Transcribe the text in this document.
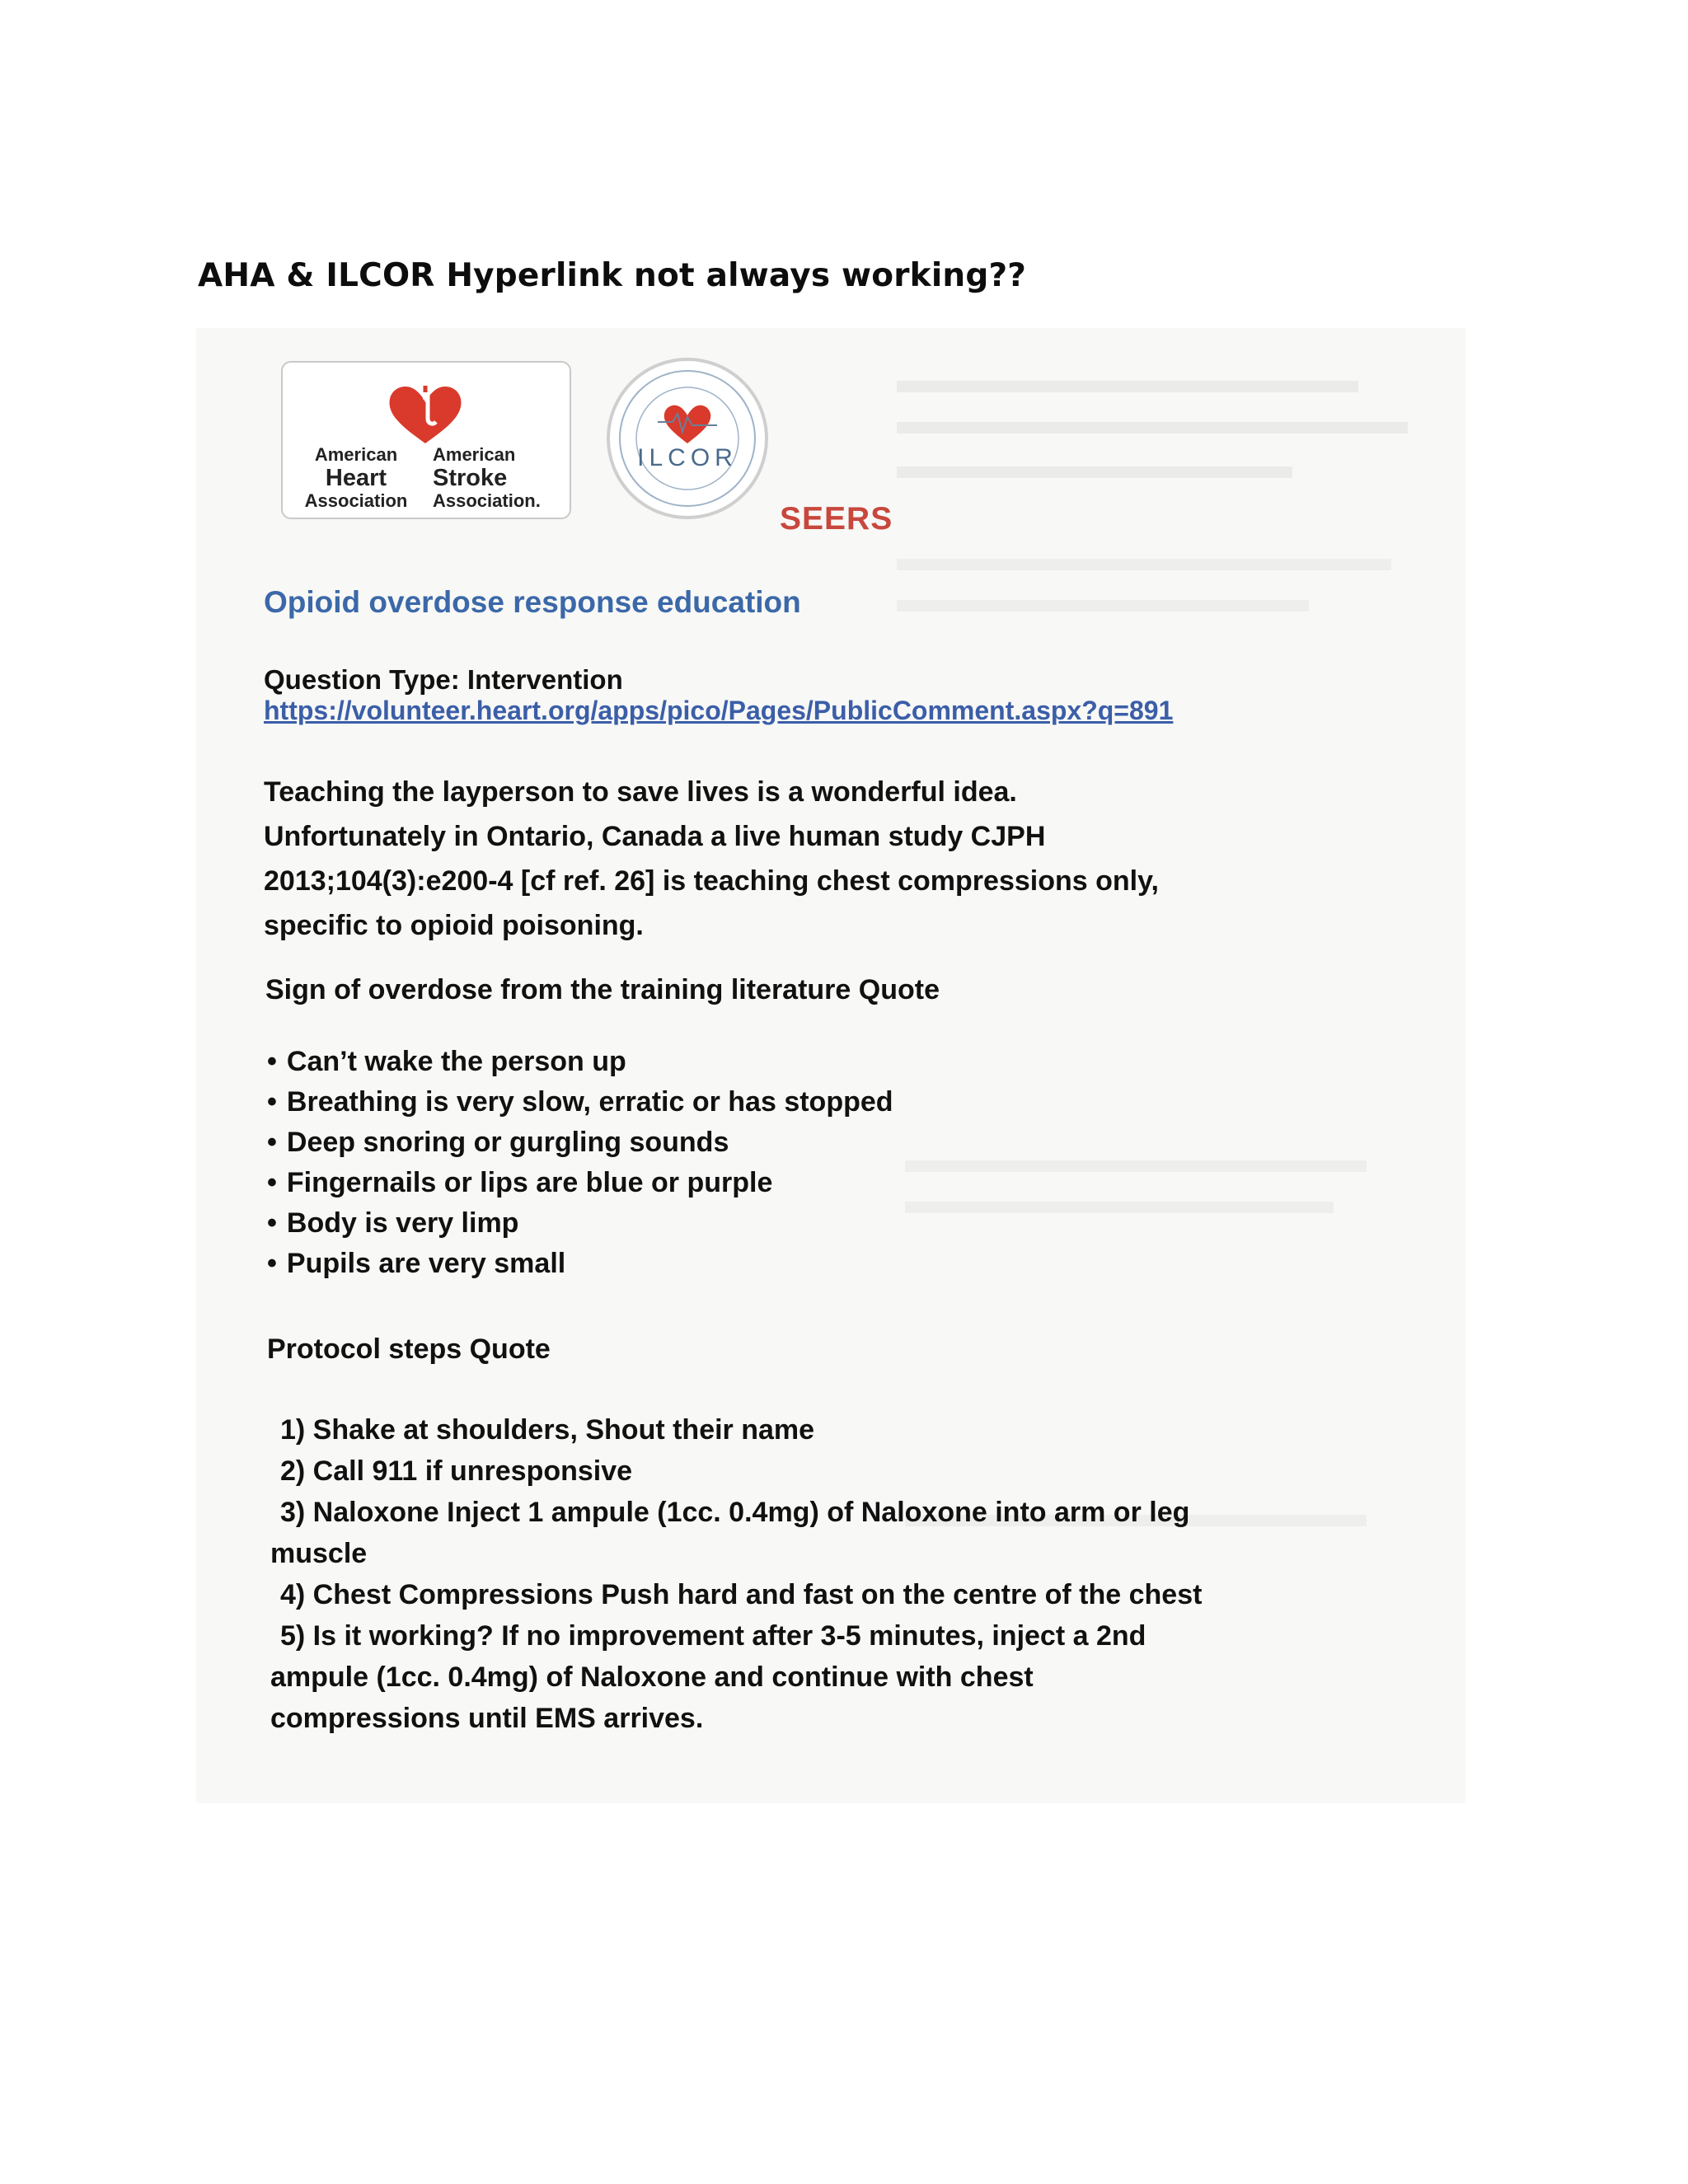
AHA & ILCOR Hyperlink not always working??
American
Heart
Association
American
Stroke
Association.
ILCOR
SEERS
Opioid overdose response education
Question Type: Intervention
https://volunteer.heart.org/apps/pico/Pages/PublicComment.aspx?q=891
Teaching the layperson to save lives is a wonderful idea.
Unfortunately in Ontario, Canada a live human study CJPH
2013;104(3):e200-4 [cf ref. 26] is teaching chest compressions only,
specific to opioid poisoning.
Sign of overdose from the training literature Quote
• Can’t wake the person up
• Breathing is very slow, erratic or has stopped
• Deep snoring or gurgling sounds
• Fingernails or lips are blue or purple
• Body is very limp
• Pupils are very small
Protocol steps Quote
1) Shake at shoulders, Shout their name
2) Call 911 if unresponsive
3) Naloxone Inject 1 ampule (1cc. 0.4mg) of Naloxone into arm or leg
muscle
4) Chest Compressions Push hard and fast on the centre of the chest
5) Is it working? If no improvement after 3-5 minutes, inject a 2nd
ampule (1cc. 0.4mg) of Naloxone and continue with chest
compressions until EMS arrives.
